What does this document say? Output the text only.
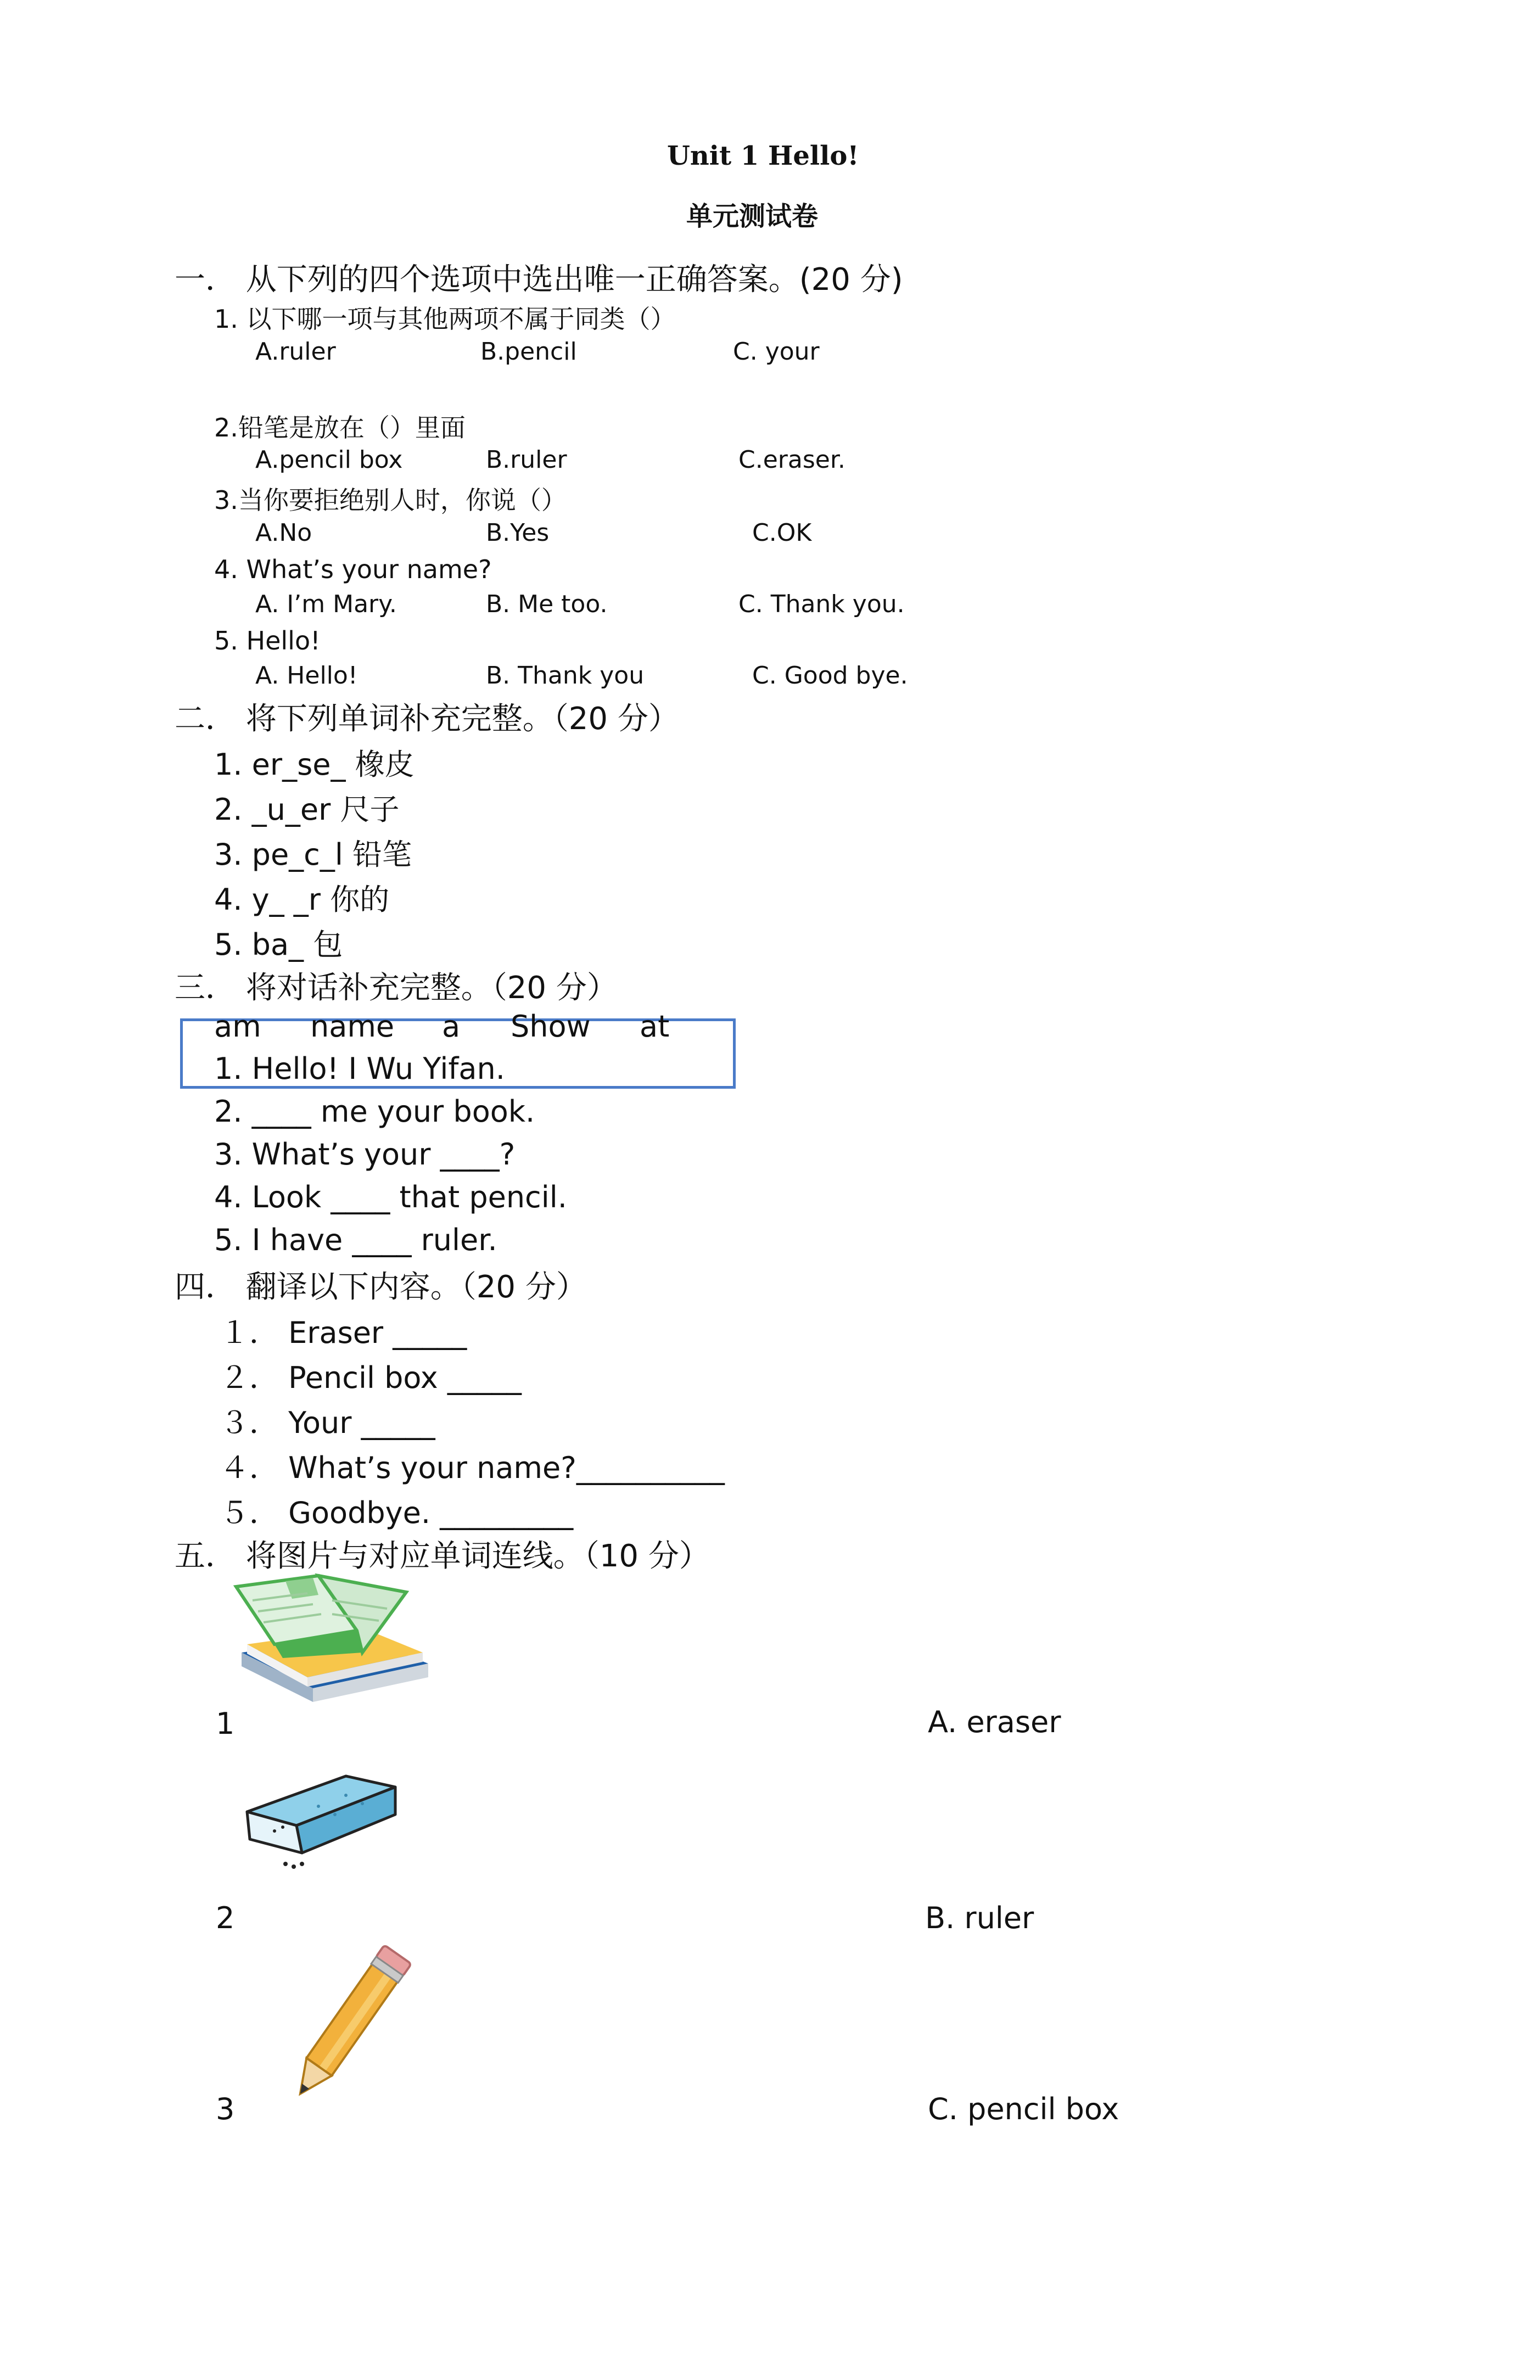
Unit 1 Hello!
单元测试卷
一． 从下列的四个选项中选出唯一正确答案。(20 分)
1. 以下哪一项与其他两项不属于同类（）
A.ruler	B.pencil	C. your
2.铅笔是放在（）里面
A.pencil box	B.ruler	C.eraser.
3.当你要拒绝别人时，你说（）
A.No	B.Yes	C.OK
4. What’s your name?
A. I’m Mary.	B. Me too.	C. Thank you.
5. Hello!
A. Hello!	B. Thank you	C. Good bye.
二． 将下列单词补充完整。（20 分）
1. er_se_ 橡皮
2. _u_er 尺子
3. pe_c_l 铅笔
4. y_ _r 你的
5. ba_ 包
三． 将对话补充完整。（20 分）
am name a Show at
1. Hello! I Wu Yifan.
2. ____ me your book.
3. What’s your ____?
4. Look ____ that pencil.
5. I have ____ ruler.
四． 翻译以下内容。（20 分）
１． Eraser _____
２． Pencil box _____
３． Your _____
４． What’s your name?__________
５． Goodbye. _________
五． 将图片与对应单词连线。（10 分）
1	A. eraser
2	B. ruler
3	C. pencil box
